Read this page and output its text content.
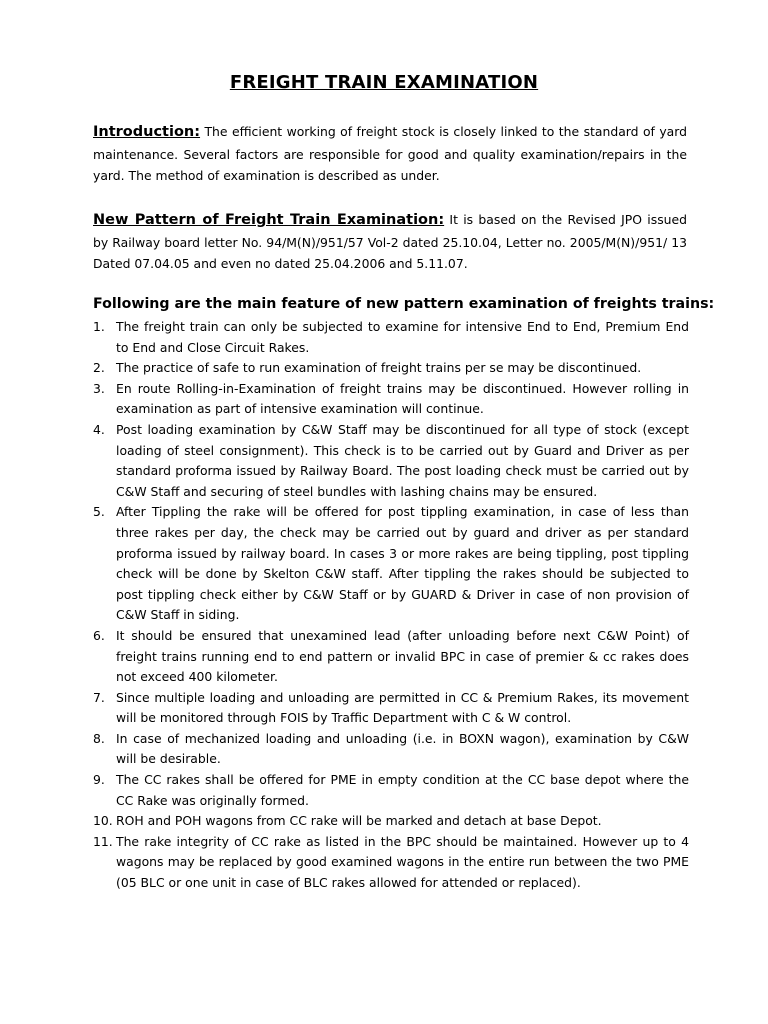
FREIGHT TRAIN EXAMINATION

Introduction: The efficient working of freight stock is closely linked to the standard of yard maintenance. Several factors are responsible for good and quality examination/repairs in the yard. The method of examination is described as under.

New Pattern of Freight Train Examination: It is based on the Revised JPO issued by Railway board letter No. 94/M(N)/951/57 Vol-2 dated 25.10.04, Letter no. 2005/M(N)/951/ 13 Dated 07.04.05 and even no dated 25.04.2006 and 5.11.07.

Following are the main feature of new pattern examination of freights trains:
1. The freight train can only be subjected to examine for intensive End to End, Premium End to End and Close Circuit Rakes.
2. The practice of safe to run examination of freight trains per se may be discontinued.
3. En route Rolling-in-Examination of freight trains may be discontinued. However rolling in examination as part of intensive examination will continue.
4. Post loading examination by C&W Staff may be discontinued for all type of stock (except loading of steel consignment). This check is to be carried out by Guard and Driver as per standard proforma issued by Railway Board. The post loading check must be carried out by C&W Staff and securing of steel bundles with lashing chains may be ensured.
5. After Tippling the rake will be offered for post tippling examination, in case of less than three rakes per day, the check may be carried out by guard and driver as per standard proforma issued by railway board. In cases 3 or more rakes are being tippling, post tippling check will be done by Skelton C&W staff. After tippling the rakes should be subjected to post tippling check either by C&W Staff or by GUARD & Driver in case of non provision of C&W Staff in siding.
6. It should be ensured that unexamined lead (after unloading before next C&W Point) of freight trains running end to end pattern or invalid BPC in case of premier & cc rakes does not exceed 400 kilometer.
7. Since multiple loading and unloading are permitted in CC & Premium Rakes, its movement will be monitored through FOIS by Traffic Department with C & W control.
8. In case of mechanized loading and unloading (i.e. in BOXN wagon), examination by C&W will be desirable.
9. The CC rakes shall be offered for PME in empty condition at the CC base depot where the CC Rake was originally formed.
10. ROH and POH wagons from CC rake will be marked and detach at base Depot.
11. The rake integrity of CC rake as listed in the BPC should be maintained. However up to 4 wagons may be replaced by good examined wagons in the entire run between the two PME (05 BLC or one unit in case of BLC rakes allowed for attended or replaced).
